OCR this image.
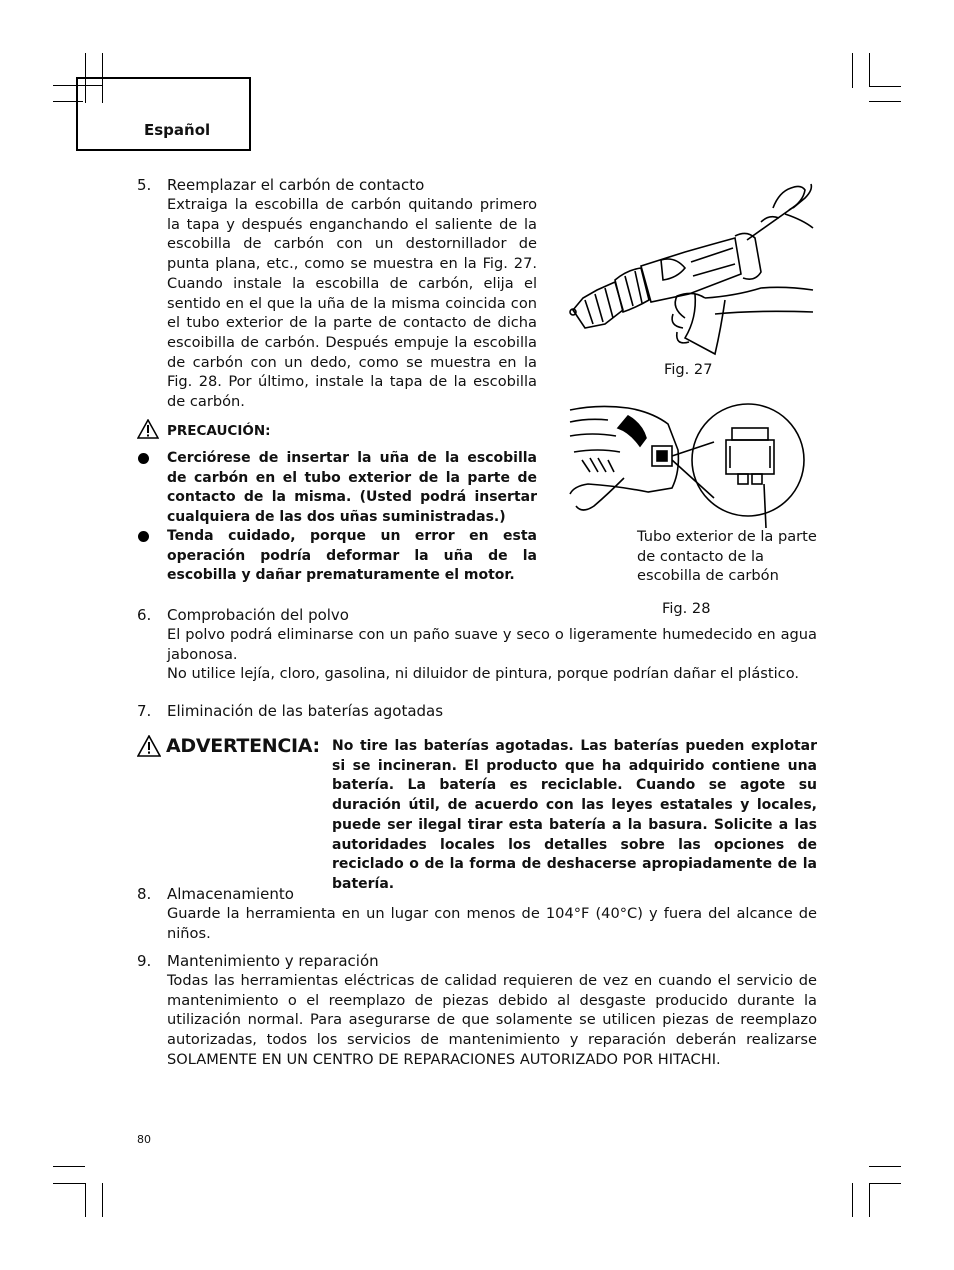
Español
5. Reemplazar el carbón de contacto
Extraiga la escobilla de carbón quitando primero la tapa y después enganchando el saliente de la escobilla de carbón con un destornillador de punta plana, etc., como se muestra en la Fig. 27. Cuando instale la escobilla de carbón, elija el sentido en el que la uña de la misma coincida con el tubo exterior de la parte de contacto de dicha escoibilla de carbón. Después empuje la escobilla de carbón con un dedo, como se muestra en la Fig. 28. Por último, instale la tapa de la escobilla de carbón.
PRECAUCIÓN:
Cerciórese de insertar la uña de la escobilla de carbón en el tubo exterior de la parte de contacto de la misma. (Usted podrá insertar cualquiera de las dos uñas suministradas.)
Tenda cuidado, porque un error en esta operación podría deformar la uña de la escobilla y dañar prematuramente el motor.
Fig. 27
Tubo exterior de la parte de contacto de la escobilla de carbón
Fig. 28
6. Comprobación del polvo
El polvo podrá eliminarse con un paño suave y seco o ligeramente humedecido en agua jabonosa.
No utilice lejía, cloro, gasolina, ni diluidor de pintura, porque podrían dañar el plástico.
7. Eliminación de las baterías agotadas
ADVERTENCIA: No tire las baterías agotadas. Las baterías pueden explotar si se incineran. El producto que ha adquirido contiene una batería. La batería es reciclable. Cuando se agote su duración útil, de acuerdo con las leyes estatales y locales, puede ser ilegal tirar esta batería a la basura. Solicite a las autoridades locales los detalles sobre las opciones de reciclado o de la forma de deshacerse apropiadamente de la batería.
8. Almacenamiento
Guarde la herramienta en un lugar con menos de 104°F (40°C) y fuera del alcance de niños.
9. Mantenimiento y reparación
Todas las herramientas eléctricas de calidad requieren de vez en cuando el servicio de mantenimiento o el reemplazo de piezas debido al desgaste producido durante la utilización normal. Para asegurarse de que solamente se utilicen piezas de reemplazo autorizadas, todos los servicios de mantenimiento y reparación deberán realizarse SOLAMENTE EN UN CENTRO DE REPARACIONES AUTORIZADO POR HITACHI.
80
